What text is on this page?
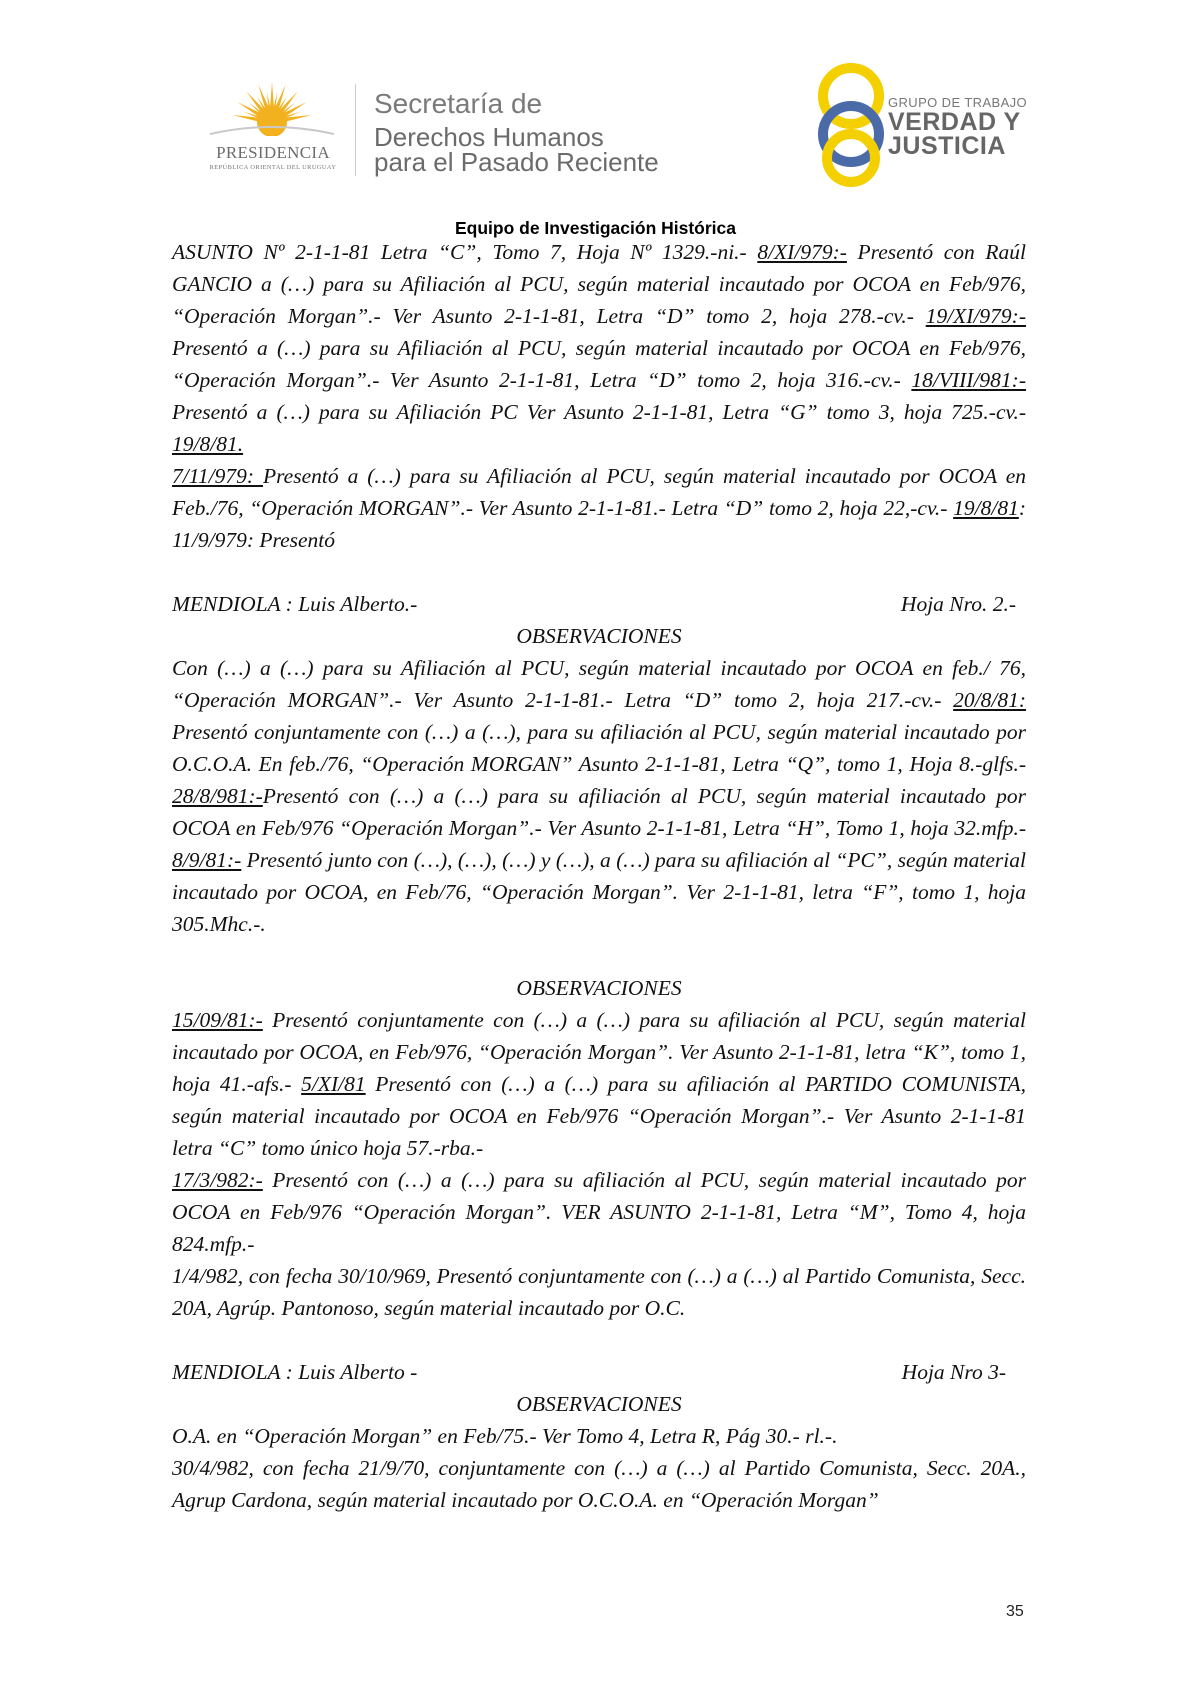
PRESIDENCIA
REPÚBLICA ORIENTAL DEL URUGUAY
Secretaría de
Derechos Humanos
para el Pasado Reciente
GRUPO DE TRABAJO
VERDAD Y
JUSTICIA
Equipo de Investigación Histórica

ASUNTO Nº 2-1-1-81 Letra “C”, Tomo 7, Hoja Nº 1329.-ni.- 8/XI/979:- Presentó con Raúl GANCIO a (…) para su Afiliación al PCU, según material incautado por OCOA en Feb/976, “Operación Morgan”.- Ver Asunto 2-1-1-81, Letra “D” tomo 2, hoja 278.-cv.- 19/XI/979:- Presentó a (…) para su Afiliación al PCU, según material incautado por OCOA en Feb/976, “Operación Morgan”.- Ver Asunto 2-1-1-81, Letra “D” tomo 2, hoja 316.-cv.- 18/VIII/981:- Presentó a (…) para su Afiliación PC Ver Asunto 2-1-1-81, Letra “G” tomo 3, hoja 725.-cv.- 19/8/81.

7/11/979: Presentó a (…) para su Afiliación al PCU, según material incautado por OCOA en Feb./76, “Operación MORGAN”.- Ver Asunto 2-1-1-81.- Letra “D” tomo 2, hoja 22,-cv.- 19/8/81: 11/9/979: Presentó

MENDIOLA : Luis Alberto.-	Hoja Nro. 2.-

OBSERVACIONES

Con (…) a (…) para su Afiliación al PCU, según material incautado por OCOA en feb./ 76, “Operación MORGAN”.- Ver Asunto 2-1-1-81.- Letra “D” tomo 2, hoja 217.-cv.- 20/8/81: Presentó conjuntamente con (…) a (…), para su afiliación al PCU, según material incautado por O.C.O.A. En feb./76, “Operación MORGAN” Asunto 2-1-1-81, Letra “Q”, tomo 1, Hoja 8.-glfs.- 28/8/981:-Presentó con (…) a (…) para su afiliación al PCU, según material incautado por OCOA en Feb/976 “Operación Morgan”.- Ver Asunto 2-1-1-81, Letra “H”, Tomo 1, hoja 32.mfp.- 8/9/81:- Presentó junto con (…), (…), (…) y (…), a (…) para su afiliación al “PC”, según material incautado por OCOA, en Feb/76, “Operación Morgan”. Ver 2-1-1-81, letra “F”, tomo 1, hoja 305.Mhc.-.

OBSERVACIONES

15/09/81:- Presentó conjuntamente con (…) a (…) para su afiliación al PCU, según material incautado por OCOA, en Feb/976, “Operación Morgan”. Ver Asunto 2-1-1-81, letra “K”, tomo 1, hoja 41.-afs.- 5/XI/81 Presentó con (…) a (…) para su afiliación al PARTIDO COMUNISTA, según material incautado por OCOA en Feb/976 “Operación Morgan”.- Ver Asunto 2-1-1-81 letra “C” tomo único hoja 57.-rba.-

17/3/982:- Presentó con (…) a (…) para su afiliación al PCU, según material incautado por OCOA en Feb/976 “Operación Morgan”. VER ASUNTO 2-1-1-81, Letra “M”, Tomo 4, hoja 824.mfp.-

1/4/982, con fecha 30/10/969, Presentó conjuntamente con (…) a (…) al Partido Comunista, Secc. 20A, Agrúp. Pantonoso, según material incautado por O.C.

MENDIOLA : Luis Alberto -	Hoja Nro 3-

OBSERVACIONES

O.A. en “Operación Morgan” en Feb/75.- Ver Tomo 4, Letra R, Pág 30.- rl.-.

30/4/982, con fecha 21/9/70, conjuntamente con (…) a (…) al Partido Comunista, Secc. 20A., Agrup Cardona, según material incautado por O.C.O.A. en “Operación Morgan”

35
